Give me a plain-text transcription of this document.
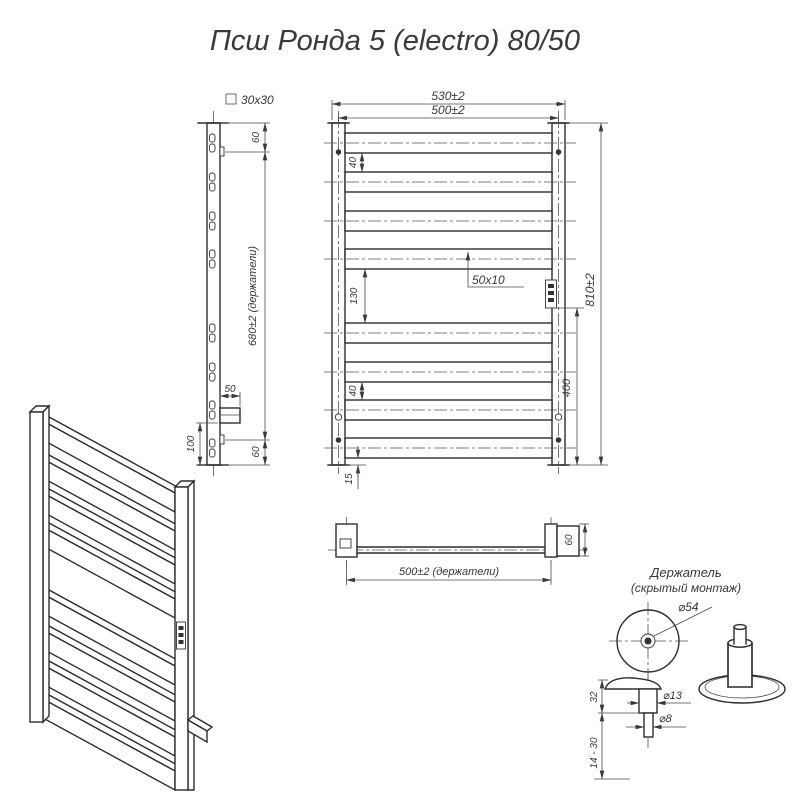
Псш Ронда 5 (electro) 80/50
30x30
50
60
680±2 (держатели)
60
100
530±2
500±2
40
130
50x10
40
15
810±2
400
60
500±2 (держатели)	Держатель
(скрытый монтаж)
⌀54
⌀13
⌀8
32
14 - 30
